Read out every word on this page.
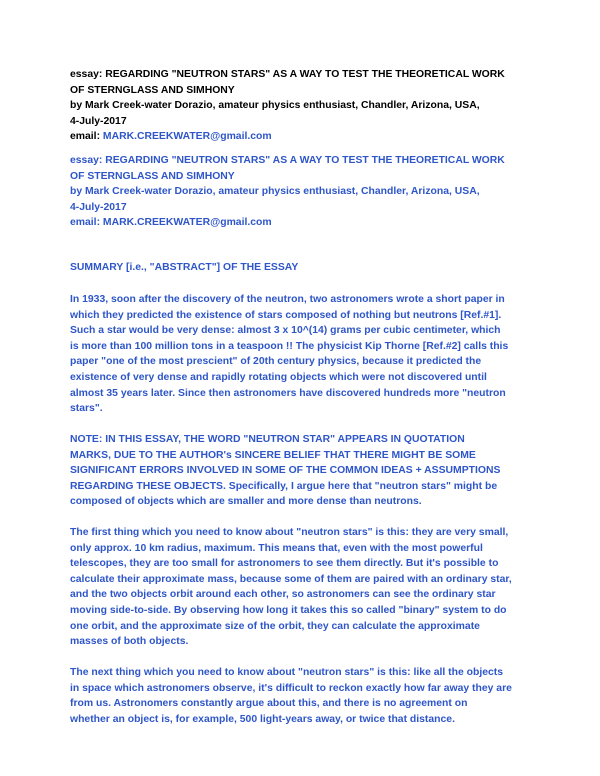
essay: REGARDING "NEUTRON STARS" AS A WAY TO TEST THE THEORETICAL WORK
OF STERNGLASS AND SIMHONY
by Mark Creek-water Dorazio, amateur physics enthusiast, Chandler, Arizona, USA,
4-July-2017
email: MARK.CREEKWATER@gmail.com
essay: REGARDING "NEUTRON STARS" AS A WAY TO TEST THE THEORETICAL WORK
OF STERNGLASS AND SIMHONY
by Mark Creek-water Dorazio, amateur physics enthusiast, Chandler, Arizona, USA,
4-July-2017
email: MARK.CREEKWATER@gmail.com
SUMMARY [i.e., "ABSTRACT"] OF THE ESSAY
In 1933, soon after the discovery of the neutron, two astronomers wrote a short paper in
which they predicted the existence of stars composed of nothing but neutrons [Ref.#1].
Such a star would be very dense: almost 3 x 10^(14) grams per cubic centimeter, which
is more than 100 million tons in a teaspoon !! The physicist Kip Thorne [Ref.#2] calls this
paper "one of the most prescient" of 20th century physics, because it predicted the
existence of very dense and rapidly rotating objects which were not discovered until
almost 35 years later. Since then astronomers have discovered hundreds more "neutron
stars".
NOTE: IN THIS ESSAY, THE WORD "NEUTRON STAR" APPEARS IN QUOTATION
MARKS, DUE TO THE AUTHOR's SINCERE BELIEF THAT THERE MIGHT BE SOME
SIGNIFICANT ERRORS INVOLVED IN SOME OF THE COMMON IDEAS + ASSUMPTIONS
REGARDING THESE OBJECTS. Specifically, I argue here that "neutron stars" might be
composed of objects which are smaller and more dense than neutrons.
The first thing which you need to know about "neutron stars" is this: they are very small,
only approx. 10 km radius, maximum. This means that, even with the most powerful
telescopes, they are too small for astronomers to see them directly. But it's possible to
calculate their approximate mass, because some of them are paired with an ordinary star,
and the two objects orbit around each other, so astronomers can see the ordinary star
moving side-to-side. By observing how long it takes this so called "binary" system to do
one orbit, and the approximate size of the orbit, they can calculate the approximate
masses of both objects.
The next thing which you need to know about "neutron stars" is this: like all the objects
in space which astronomers observe, it's difficult to reckon exactly how far away they are
from us. Astronomers constantly argue about this, and there is no agreement on
whether an object is, for example, 500 light-years away, or twice that distance.
